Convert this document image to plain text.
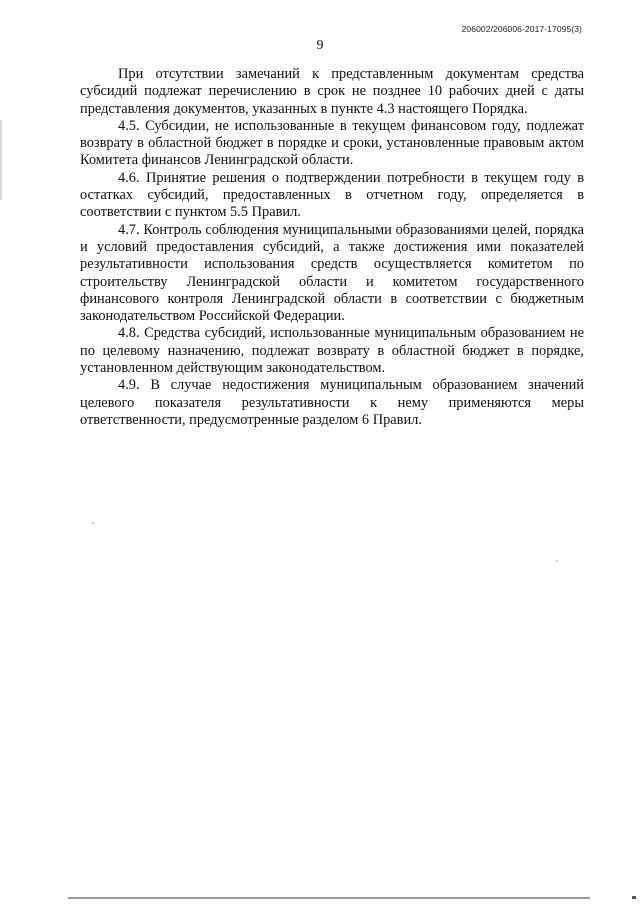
206002/206006-2017-17095(3)
9

При отсутствии замечаний к представленным документам средства субсидий подлежат перечислению в срок не позднее 10 рабочих дней с даты представления документов, указанных в пункте 4.3 настоящего Порядка.

4.5. Субсидии, не использованные в текущем финансовом году, подлежат возврату в областной бюджет в порядке и сроки, установленные правовым актом Комитета финансов Ленинградской области.

4.6. Принятие решения о подтверждении потребности в текущем году в остатках субсидий, предоставленных в отчетном году, определяется в соответствии с пунктом 5.5 Правил.

4.7. Контроль соблюдения муниципальными образованиями целей, порядка и условий предоставления субсидий, а также достижения ими показателей результативности использования средств осуществляется комитетом по строительству Ленинградской области и комитетом государственного финансового контроля Ленинградской области в соответствии с бюджетным законодательством Российской Федерации.

4.8. Средства субсидий, использованные муниципальным образованием не по целевому назначению, подлежат возврату в областной бюджет в порядке, установленном действующим законодательством.

4.9. В случае недостижения муниципальным образованием значений целевого показателя результативности к нему применяются меры ответственности, предусмотренные разделом 6 Правил.
